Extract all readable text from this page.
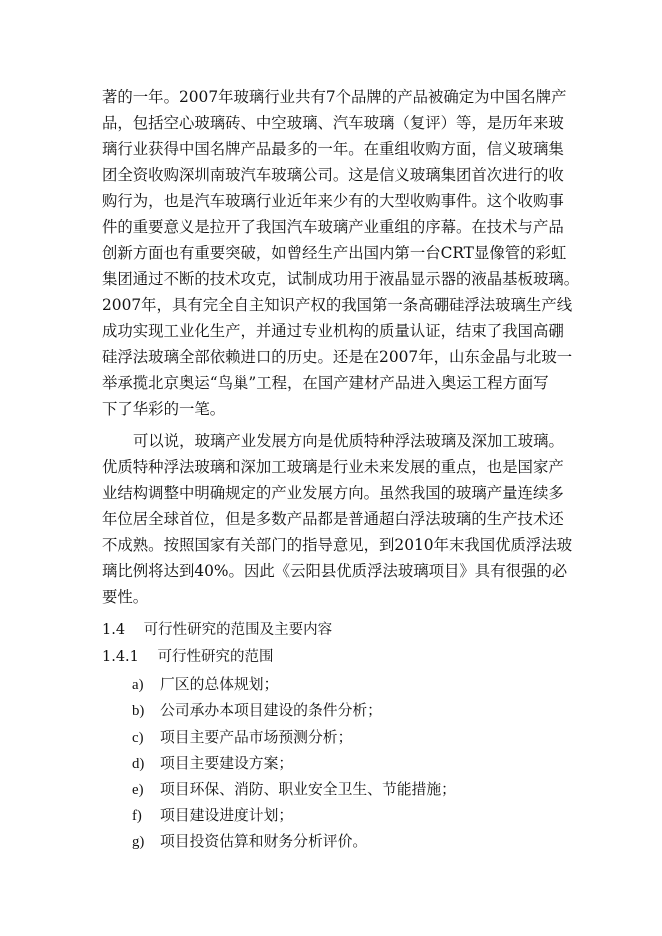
著的一年。2007年玻璃行业共有7个品牌的产品被确定为中国名牌产
品，包括空心玻璃砖、中空玻璃、汽车玻璃（复评）等，是历年来玻
璃行业获得中国名牌产品最多的一年。在重组收购方面，信义玻璃集
团全资收购深圳南玻汽车玻璃公司。这是信义玻璃集团首次进行的收
购行为，也是汽车玻璃行业近年来少有的大型收购事件。这个收购事
件的重要意义是拉开了我国汽车玻璃产业重组的序幕。在技术与产品
创新方面也有重要突破，如曾经生产出国内第一台CRT显像管的彩虹
集团通过不断的技术攻克，试制成功用于液晶显示器的液晶基板玻璃。
2007年，具有完全自主知识产权的我国第一条高硼硅浮法玻璃生产线
成功实现工业化生产，并通过专业机构的质量认证，结束了我国高硼
硅浮法玻璃全部依赖进口的历史。还是在2007年，山东金晶与北玻一
举承揽北京奥运“鸟巢”工程，在国产建材产品进入奥运工程方面写
下了华彩的一笔。
可以说，玻璃产业发展方向是优质特种浮法玻璃及深加工玻璃。
优质特种浮法玻璃和深加工玻璃是行业未来发展的重点，也是国家产
业结构调整中明确规定的产业发展方向。虽然我国的玻璃产量连续多
年位居全球首位，但是多数产品都是普通超白浮法玻璃的生产技术还
不成熟。按照国家有关部门的指导意见，到2010年末我国优质浮法玻
璃比例将达到40%。因此《云阳县优质浮法玻璃项目》具有很强的必
要性。
1.4 可行性研究的范围及主要内容
1.4.1 可行性研究的范围
a) 厂区的总体规划；
b) 公司承办本项目建设的条件分析；
c) 项目主要产品市场预测分析；
d) 项目主要建设方案；
e) 项目环保、消防、职业安全卫生、节能措施；
f) 项目建设进度计划；
g) 项目投资估算和财务分析评价。
